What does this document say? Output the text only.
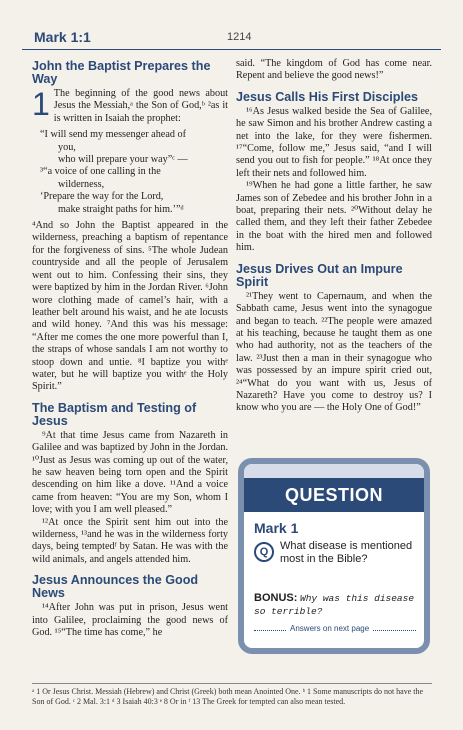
Mark 1:1	1214
John the Baptist Prepares the Way
1 The beginning of the good news about Jesus the Messiah,ᵃ the Son of God,ᵇ ²as it is written in Isaiah the prophet:

“I will send my messenger ahead of
you,
who will prepare your way”ᶜ —
³“a voice of one calling in the
wilderness,
‘Prepare the way for the Lord,
make straight paths for him.’”ᵈ

⁴And so John the Baptist appeared in the wilderness, preaching a baptism of repentance for the forgiveness of sins. ⁵The whole Judean countryside and all the people of Jerusalem went out to him. Confessing their sins, they were baptized by him in the Jordan River. ⁶John wore clothing made of camel’s hair, with a leather belt around his waist, and he ate locusts and wild honey. ⁷And this was his message: “After me comes the one more powerful than I, the straps of whose sandals I am not worthy to stoop down and untie. ⁸I baptize you withᵉ water, but he will baptize you withᵉ the Holy Spirit.”

The Baptism and Testing of Jesus

⁹At that time Jesus came from Nazareth in Galilee and was baptized by John in the Jordan. ¹⁰Just as Jesus was coming up out of the water, he saw heaven being torn open and the Spirit descending on him like a dove. ¹¹And a voice came from heaven: “You are my Son, whom I love; with you I am well pleased.”

¹²At once the Spirit sent him out into the wilderness, ¹³and he was in the wilderness forty days, being temptedᶠ by Satan. He was with the wild animals, and angels attended him.

Jesus Announces the Good News

¹⁴After John was put in prison, Jesus went into Galilee, proclaiming the good news of God. ¹⁵“The time has come,” he

said. “The kingdom of God has come near. Repent and believe the good news!”

Jesus Calls His First Disciples

¹⁶As Jesus walked beside the Sea of Galilee, he saw Simon and his brother Andrew casting a net into the lake, for they were fishermen. ¹⁷“Come, follow me,” Jesus said, “and I will send you out to fish for people.” ¹⁸At once they left their nets and followed him.

¹⁹When he had gone a little farther, he saw James son of Zebedee and his brother John in a boat, preparing their nets. ²⁰Without delay he called them, and they left their father Zebedee in the boat with the hired men and followed him.

Jesus Drives Out an Impure Spirit

²¹They went to Capernaum, and when the Sabbath came, Jesus went into the synagogue and began to teach. ²²The people were amazed at his teaching, because he taught them as one who had authority, not as the teachers of the law. ²³Just then a man in their synagogue who was possessed by an impure spirit cried out, ²⁴“What do you want with us, Jesus of Nazareth? Have you come to destroy us? I know who you are — the Holy One of God!”

QUESTION
Mark 1
Q	What disease is mentioned most in the Bible?
BONUS: Why was this disease so terrible?
Answers on next page
ᵃ 1 Or Jesus Christ. Messiah (Hebrew) and Christ (Greek) both mean Anointed One. ᵇ 1 Some manuscripts do not have the Son of God. ᶜ 2 Mal. 3:1 ᵈ 3 Isaiah 40:3 ᵉ 8 Or in ᶠ 13 The Greek for tempted can also mean tested.
